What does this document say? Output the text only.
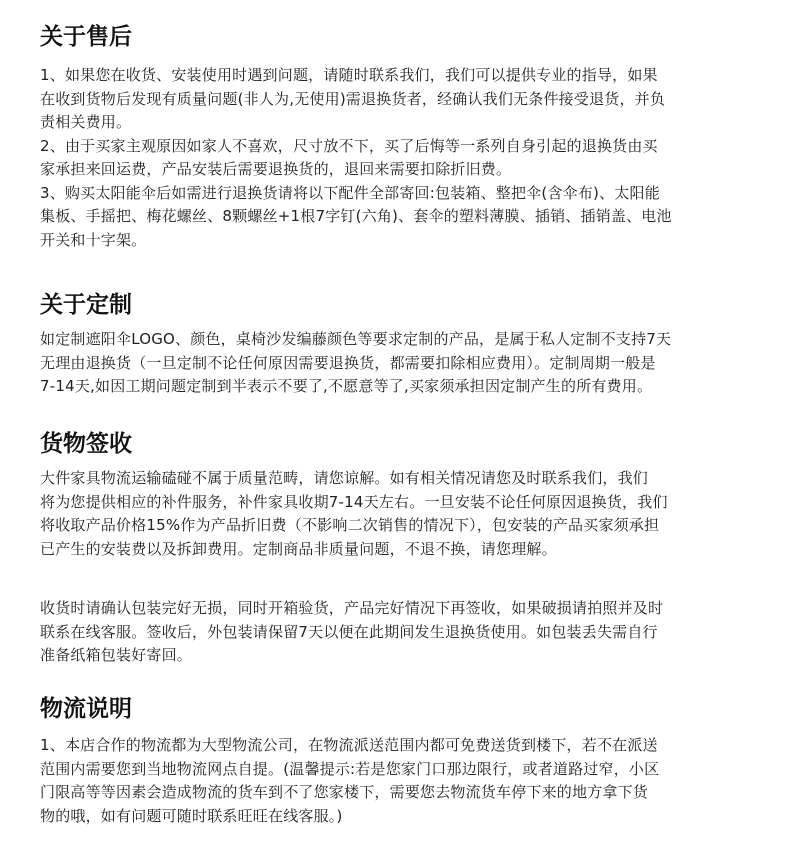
关于售后
1、如果您在收货、安装使用时遇到问题，请随时联系我们，我们可以提供专业的指导，如果
在收到货物后发现有质量问题(非人为,无使用)需退换货者，经确认我们无条件接受退货，并负
责相关费用。
2、由于买家主观原因如家人不喜欢，尺寸放不下，买了后悔等一系列自身引起的退换货由买
家承担来回运费，产品安装后需要退换货的，退回来需要扣除折旧费。
3、购买太阳能伞后如需进行退换货请将以下配件全部寄回:包装箱、整把伞(含伞布)、太阳能
集板、手摇把、梅花螺丝、8颗螺丝+1根7字钉(六角)、套伞的塑料薄膜、插销、插销盖、电池
开关和十字架。
关于定制
如定制遮阳伞LOGO、颜色，桌椅沙发编藤颜色等要求定制的产品，是属于私人定制不支持7天
无理由退换货（一旦定制不论任何原因需要退换货，都需要扣除相应费用）。定制周期一般是
7-14天,如因工期问题定制到半表示不要了,不愿意等了,买家须承担因定制产生的所有费用。
货物签收
大件家具物流运输磕碰不属于质量范畴，请您谅解。如有相关情况请您及时联系我们，我们
将为您提供相应的补件服务，补件家具收期7-14天左右。一旦安装不论任何原因退换货，我们
将收取产品价格15%作为产品折旧费（不影响二次销售的情况下），包安装的产品买家须承担
已产生的安装费以及拆卸费用。定制商品非质量问题，不退不换，请您理解。
收货时请确认包装完好无损，同时开箱验货，产品完好情况下再签收，如果破损请拍照并及时
联系在线客服。签收后，外包装请保留7天以便在此期间发生退换货使用。如包装丢失需自行
准备纸箱包装好寄回。
物流说明
1、本店合作的物流都为大型物流公司，在物流派送范围内都可免费送货到楼下，若不在派送
范围内需要您到当地物流网点自提。(温馨提示:若是您家门口那边限行，或者道路过窄，小区
门限高等等因素会造成物流的货车到不了您家楼下，需要您去物流货车停下来的地方拿下货
物的哦，如有问题可随时联系旺旺在线客服。)
